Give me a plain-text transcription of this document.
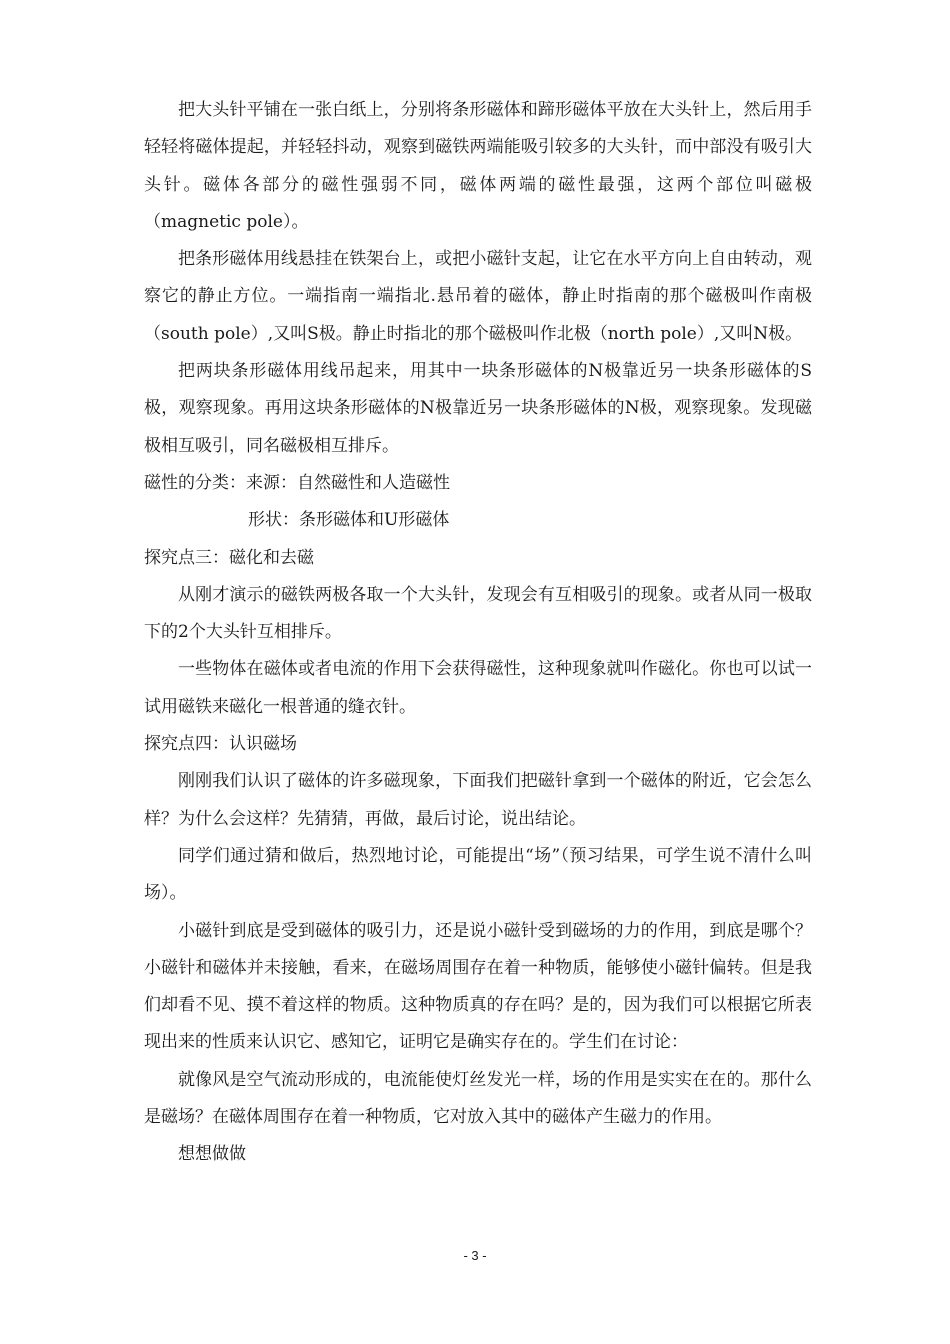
把大头针平铺在一张白纸上，分别将条形磁体和蹄形磁体平放在大头针上，然后用手轻轻将磁体提起，并轻轻抖动，观察到磁铁两端能吸引较多的大头针，而中部没有吸引大头针。磁体各部分的磁性强弱不同，磁体两端的磁性最强，这两个部位叫磁极（magnetic pole）。

把条形磁体用线悬挂在铁架台上，或把小磁针支起，让它在水平方向上自由转动，观察它的静止方位。一端指南一端指北.悬吊着的磁体，静止时指南的那个磁极叫作南极（south pole）,又叫S极。静止时指北的那个磁极叫作北极（north pole）,又叫N极。

把两块条形磁体用线吊起来，用其中一块条形磁体的N极靠近另一块条形磁体的S极，观察现象。再用这块条形磁体的N极靠近另一块条形磁体的N极，观察现象。发现磁极相互吸引，同名磁极相互排斥。

磁性的分类：来源：自然磁性和人造磁性

形状：条形磁体和U形磁体

探究点三：磁化和去磁

从刚才演示的磁铁两极各取一个大头针，发现会有互相吸引的现象。或者从同一极取下的2个大头针互相排斥。

一些物体在磁体或者电流的作用下会获得磁性，这种现象就叫作磁化。你也可以试一试用磁铁来磁化一根普通的缝衣针。

探究点四：认识磁场

刚刚我们认识了磁体的许多磁现象，下面我们把磁针拿到一个磁体的附近，它会怎么样？为什么会这样？先猜猜，再做，最后讨论，说出结论。

同学们通过猜和做后，热烈地讨论，可能提出“场”（预习结果，可学生说不清什么叫场）。

小磁针到底是受到磁体的吸引力，还是说小磁针受到磁场的力的作用，到底是哪个？小磁针和磁体并未接触，看来，在磁场周围存在着一种物质，能够使小磁针偏转。但是我们却看不见、摸不着这样的物质。这种物质真的存在吗？是的，因为我们可以根据它所表现出来的性质来认识它、感知它，证明它是确实存在的。学生们在讨论：

就像风是空气流动形成的，电流能使灯丝发光一样，场的作用是实实在在的。那什么是磁场？在磁体周围存在着一种物质，它对放入其中的磁体产生磁力的作用。

想想做做

- 3 -
